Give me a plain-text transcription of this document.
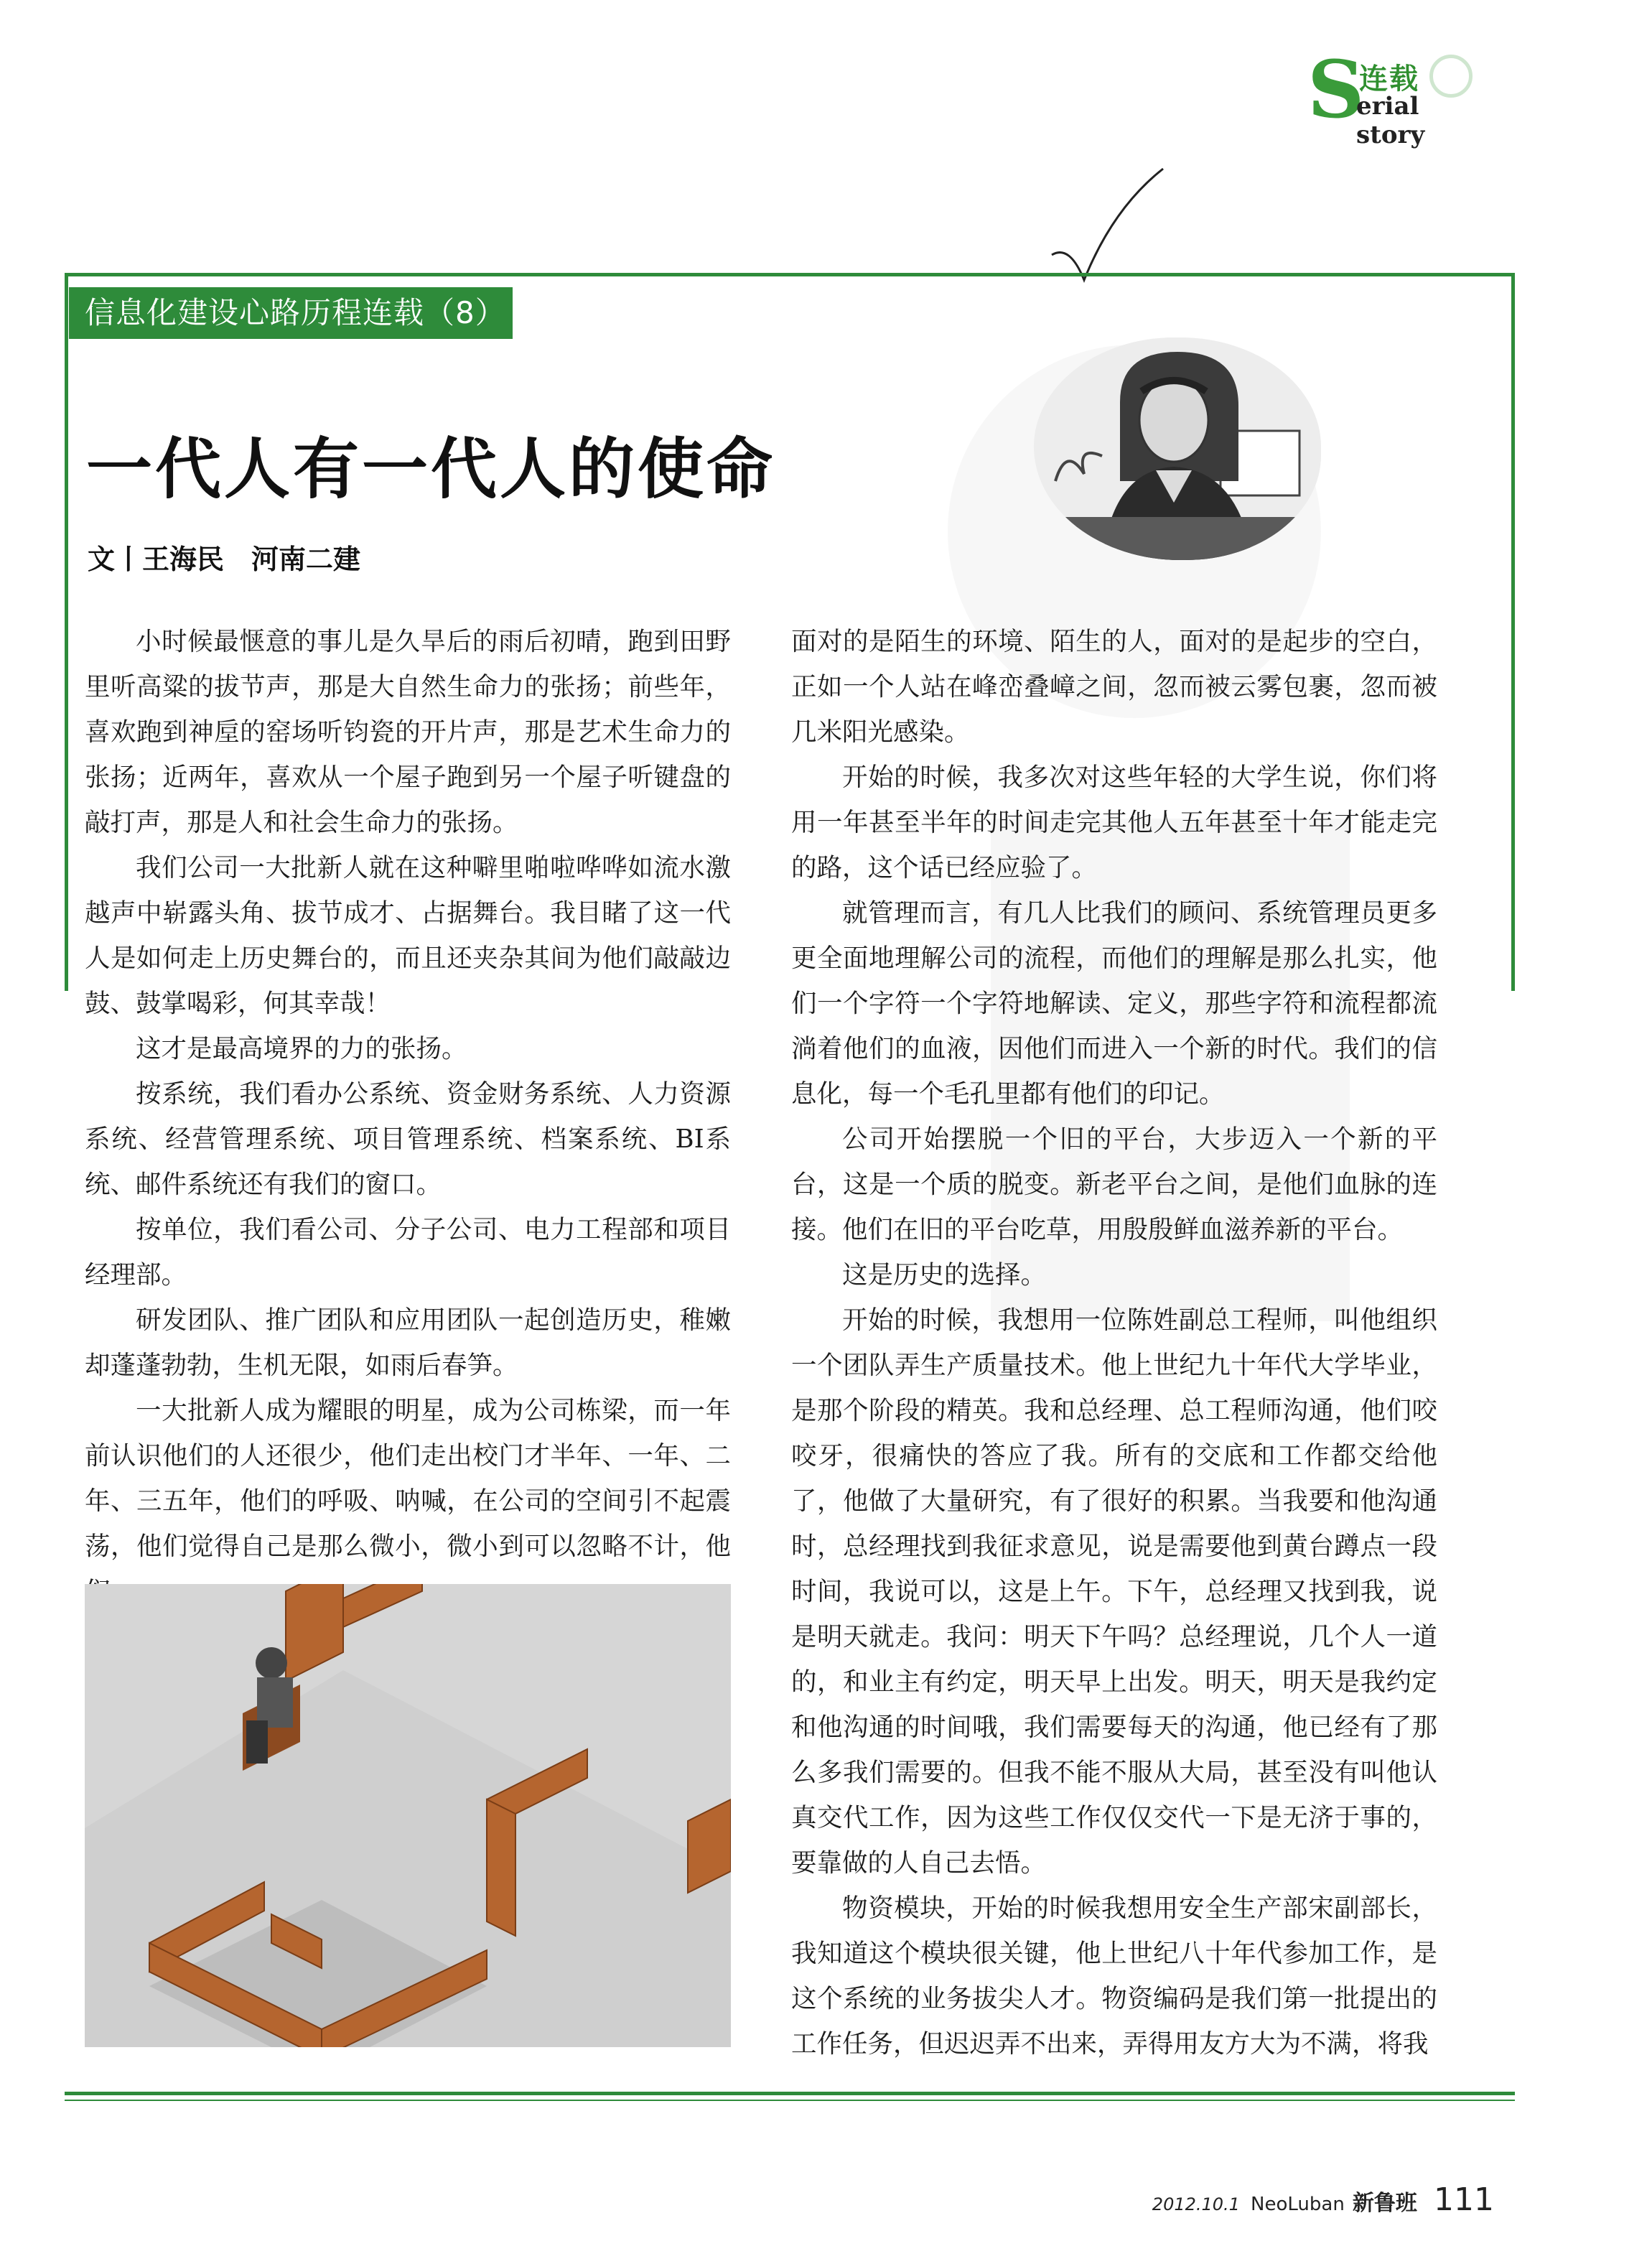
S
连载
erial story
信息化建设心路历程连载（8）
一代人有一代人的使命
文丨王海民　河南二建

小时候最惬意的事儿是久旱后的雨后初晴，跑到田野里听高粱的拔节声，那是大自然生命力的张扬；前些年，喜欢跑到神垕的窑场听钧瓷的开片声，那是艺术生命力的张扬；近两年，喜欢从一个屋子跑到另一个屋子听键盘的敲打声，那是人和社会生命力的张扬。

我们公司一大批新人就在这种噼里啪啦哗哗如流水激越声中崭露头角、拔节成才、占据舞台。我目睹了这一代人是如何走上历史舞台的，而且还夹杂其间为他们敲敲边鼓、鼓掌喝彩，何其幸哉！

这才是最高境界的力的张扬。

按系统，我们看办公系统、资金财务系统、人力资源系统、经营管理系统、项目管理系统、档案系统、BI系统、邮件系统还有我们的窗口。

按单位，我们看公司、分子公司、电力工程部和项目经理部。

研发团队、推广团队和应用团队一起创造历史，稚嫩却蓬蓬勃勃，生机无限，如雨后春笋。

一大批新人成为耀眼的明星，成为公司栋梁，而一年前认识他们的人还很少，他们走出校门才半年、一年、二年、三五年，他们的呼吸、呐喊，在公司的空间引不起震荡，他们觉得自己是那么微小，微小到可以忽略不计，他

面对的是陌生的环境、陌生的人，面对的是起步的空白，正如一个人站在峰峦叠嶂之间，忽而被云雾包裹，忽而被几米阳光感染。

开始的时候，我多次对这些年轻的大学生说，你们将用一年甚至半年的时间走完其他人五年甚至十年才能走完的路，这个话已经应验了。

就管理而言，有几人比我们的顾问、系统管理员更多更全面地理解公司的流程，而他们的理解是那么扎实，他们一个字符一个字符地解读、定义，那些字符和流程都流淌着他们的血液，因他们而进入一个新的时代。我们的信息化，每一个毛孔里都有他们的印记。

公司开始摆脱一个旧的平台，大步迈入一个新的平台，这是一个质的脱变。新老平台之间，是他们血脉的连接。他们在旧的平台吃草，用殷殷鲜血滋养新的平台。

这是历史的选择。

开始的时候，我想用一位陈姓副总工程师，叫他组织一个团队弄生产质量技术。他上世纪九十年代大学毕业，是那个阶段的精英。我和总经理、总工程师沟通，他们咬咬牙，很痛快的答应了我。所有的交底和工作都交给他了，他做了大量研究，有了很好的积累。当我要和他沟通时，总经理找到我征求意见，说是需要他到黄台蹲点一段时间，我说可以，这是上午。下午，总经理又找到我，说是明天就走。我问：明天下午吗？总经理说，几个人一道的，和业主有约定，明天早上出发。明天，明天是我约定和他沟通的时间哦，我们需要每天的沟通，他已经有了那么多我们需要的。但我不能不服从大局，甚至没有叫他认真交代工作，因为这些工作仅仅交代一下是无济于事的，要靠做的人自己去悟。

物资模块，开始的时候我想用安全生产部宋副部长，我知道这个模块很关键，他上世纪八十年代参加工作，是这个系统的业务拔尖人才。物资编码是我们第一批提出的工作任务，但迟迟弄不出来，弄得用友方大为不满，将我

2012.10.1 NeoLuban 新鲁班 111
